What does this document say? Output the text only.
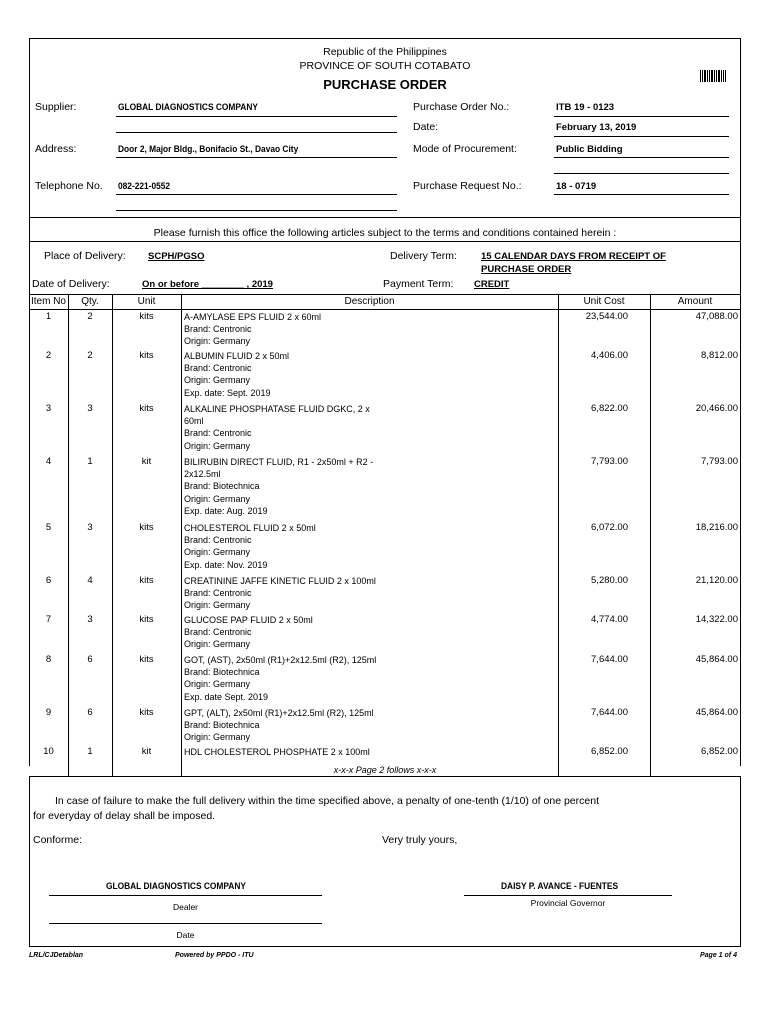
Republic of the Philippines
PROVINCE OF SOUTH COTABATO
PURCHASE ORDER
Supplier:	GLOBAL DIAGNOSTICS COMPANY
Address:	Door 2, Major Bldg., Bonifacio St., Davao City
Telephone No. 082-221-0552
Purchase Order No.:	ITB 19 - 0123
Date:	February 13, 2019
Mode of Procurement:	Public Bidding
Purchase Request No.:	18 - 0719
Please furnish this office the following articles subject to the terms and conditions contained herein :
Place of Delivery: SCPH/PGSO	Delivery Term:	15 CALENDAR DAYS FROM RECEIPT OF
PURCHASE ORDER
Date of Delivery:	On or before ________ , 2019	Payment Term: CREDIT
Item No	Qty.	Unit	Description	Unit Cost	Amount
1	2	kits	A-AMYLASE EPS FLUID 2 x 60ml
Brand: Centronic
Origin: Germany
23,544.00	47,088.00
2	2	kits	ALBUMIN FLUID 2 x 50ml
Brand: Centronic
Origin: Germany
Exp. date: Sept. 2019
4,406.00	8,812.00
3	3	kits	ALKALINE PHOSPHATASE FLUID DGKC, 2 x
60ml
Brand: Centronic
Origin: Germany
6,822.00	20,466.00
4	1	kit	BILIRUBIN DIRECT FLUID, R1 - 2x50ml + R2 -
2x12.5ml
Brand: Biotechnica
Origin: Germany
Exp. date: Aug. 2019
7,793.00	7,793.00
5	3	kits	CHOLESTEROL FLUID 2 x 50ml
Brand: Centronic
Origin: Germany
Exp. date: Nov. 2019
6,072.00	18,216.00
6	4	kits	CREATININE JAFFE KINETIC FLUID 2 x 100ml
Brand: Centronic
Origin: Germany
5,280.00	21,120.00
7	3	kits	GLUCOSE PAP FLUID 2 x 50ml
Brand: Centronic
Origin: Germany
4,774.00	14,322.00
8	6	kits	GOT, (AST), 2x50ml (R1)+2x12.5ml (R2), 125ml
Brand: Biotechnica
Origin: Germany
Exp. date Sept. 2019
7,644.00	45,864.00
9	6	kits	GPT, (ALT), 2x50ml (R1)+2x12.5ml (R2), 125ml
Brand: Biotechnica
Origin: Germany
7,644.00	45,864.00
10	1	kit	HDL CHOLESTEROL PHOSPHATE 2 x 100ml	6,852.00	6,852.00
x-x-x Page 2 follows x-x-x
In case of failure to make the full delivery within the time specified above, a penalty of one-tenth (1/10) of one percent
for everyday of delay shall be imposed.
Conforme:	Very truly yours,
GLOBAL DIAGNOSTICS COMPANY
Dealer
Date
DAISY P. AVANCE - FUENTES
Provincial Governor
LRL/CJDetablan	Powered by PPDO - ITU	Page 1 of 4
